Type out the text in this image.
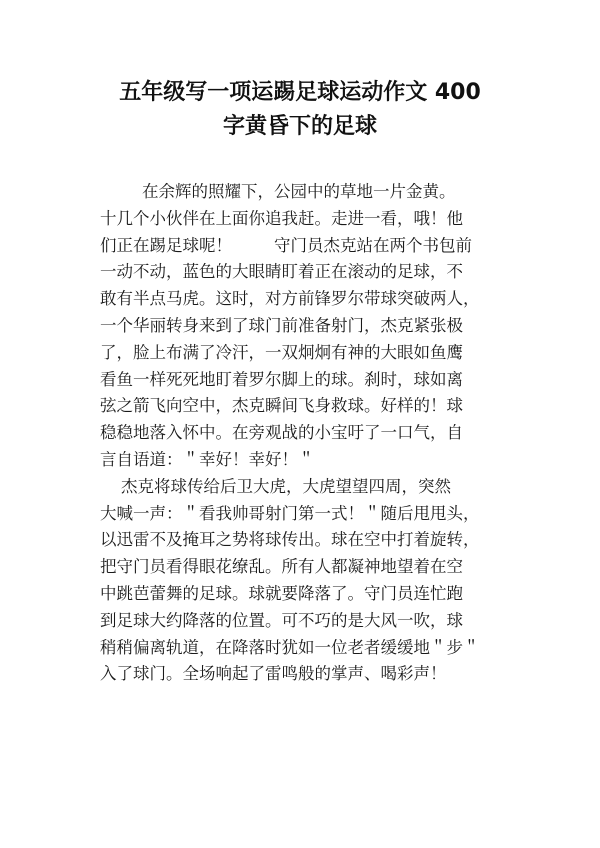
五年级写一项运踢足球运动作文 400
字黄昏下的足球
在余辉的照耀下，公园中的草地一片金黄。
十几个小伙伴在上面你追我赶。走进一看，哦！他
们正在踢足球呢！        守门员杰克站在两个书包前
一动不动，蓝色的大眼睛盯着正在滚动的足球，不
敢有半点马虎。这时，对方前锋罗尔带球突破两人，
一个华丽转身来到了球门前准备射门，杰克紧张极
了，脸上布满了冷汗，一双炯炯有神的大眼如鱼鹰
看鱼一样死死地盯着罗尔脚上的球。刹时，球如离
弦之箭飞向空中，杰克瞬间飞身救球。好样的！球
稳稳地落入怀中。在旁观战的小宝吁了一口气，自
言自语道：＂幸好！幸好！＂
杰克将球传给后卫大虎，大虎望望四周，突然
大喊一声：＂看我帅哥射门第一式！＂随后甩甩头，
以迅雷不及掩耳之势将球传出。球在空中打着旋转，
把守门员看得眼花缭乱。所有人都凝神地望着在空
中跳芭蕾舞的足球。球就要降落了。守门员连忙跑
到足球大约降落的位置。可不巧的是大风一吹，球
稍稍偏离轨道，在降落时犹如一位老者缓缓地＂步＂
入了球门。全场响起了雷鸣般的掌声、喝彩声！
